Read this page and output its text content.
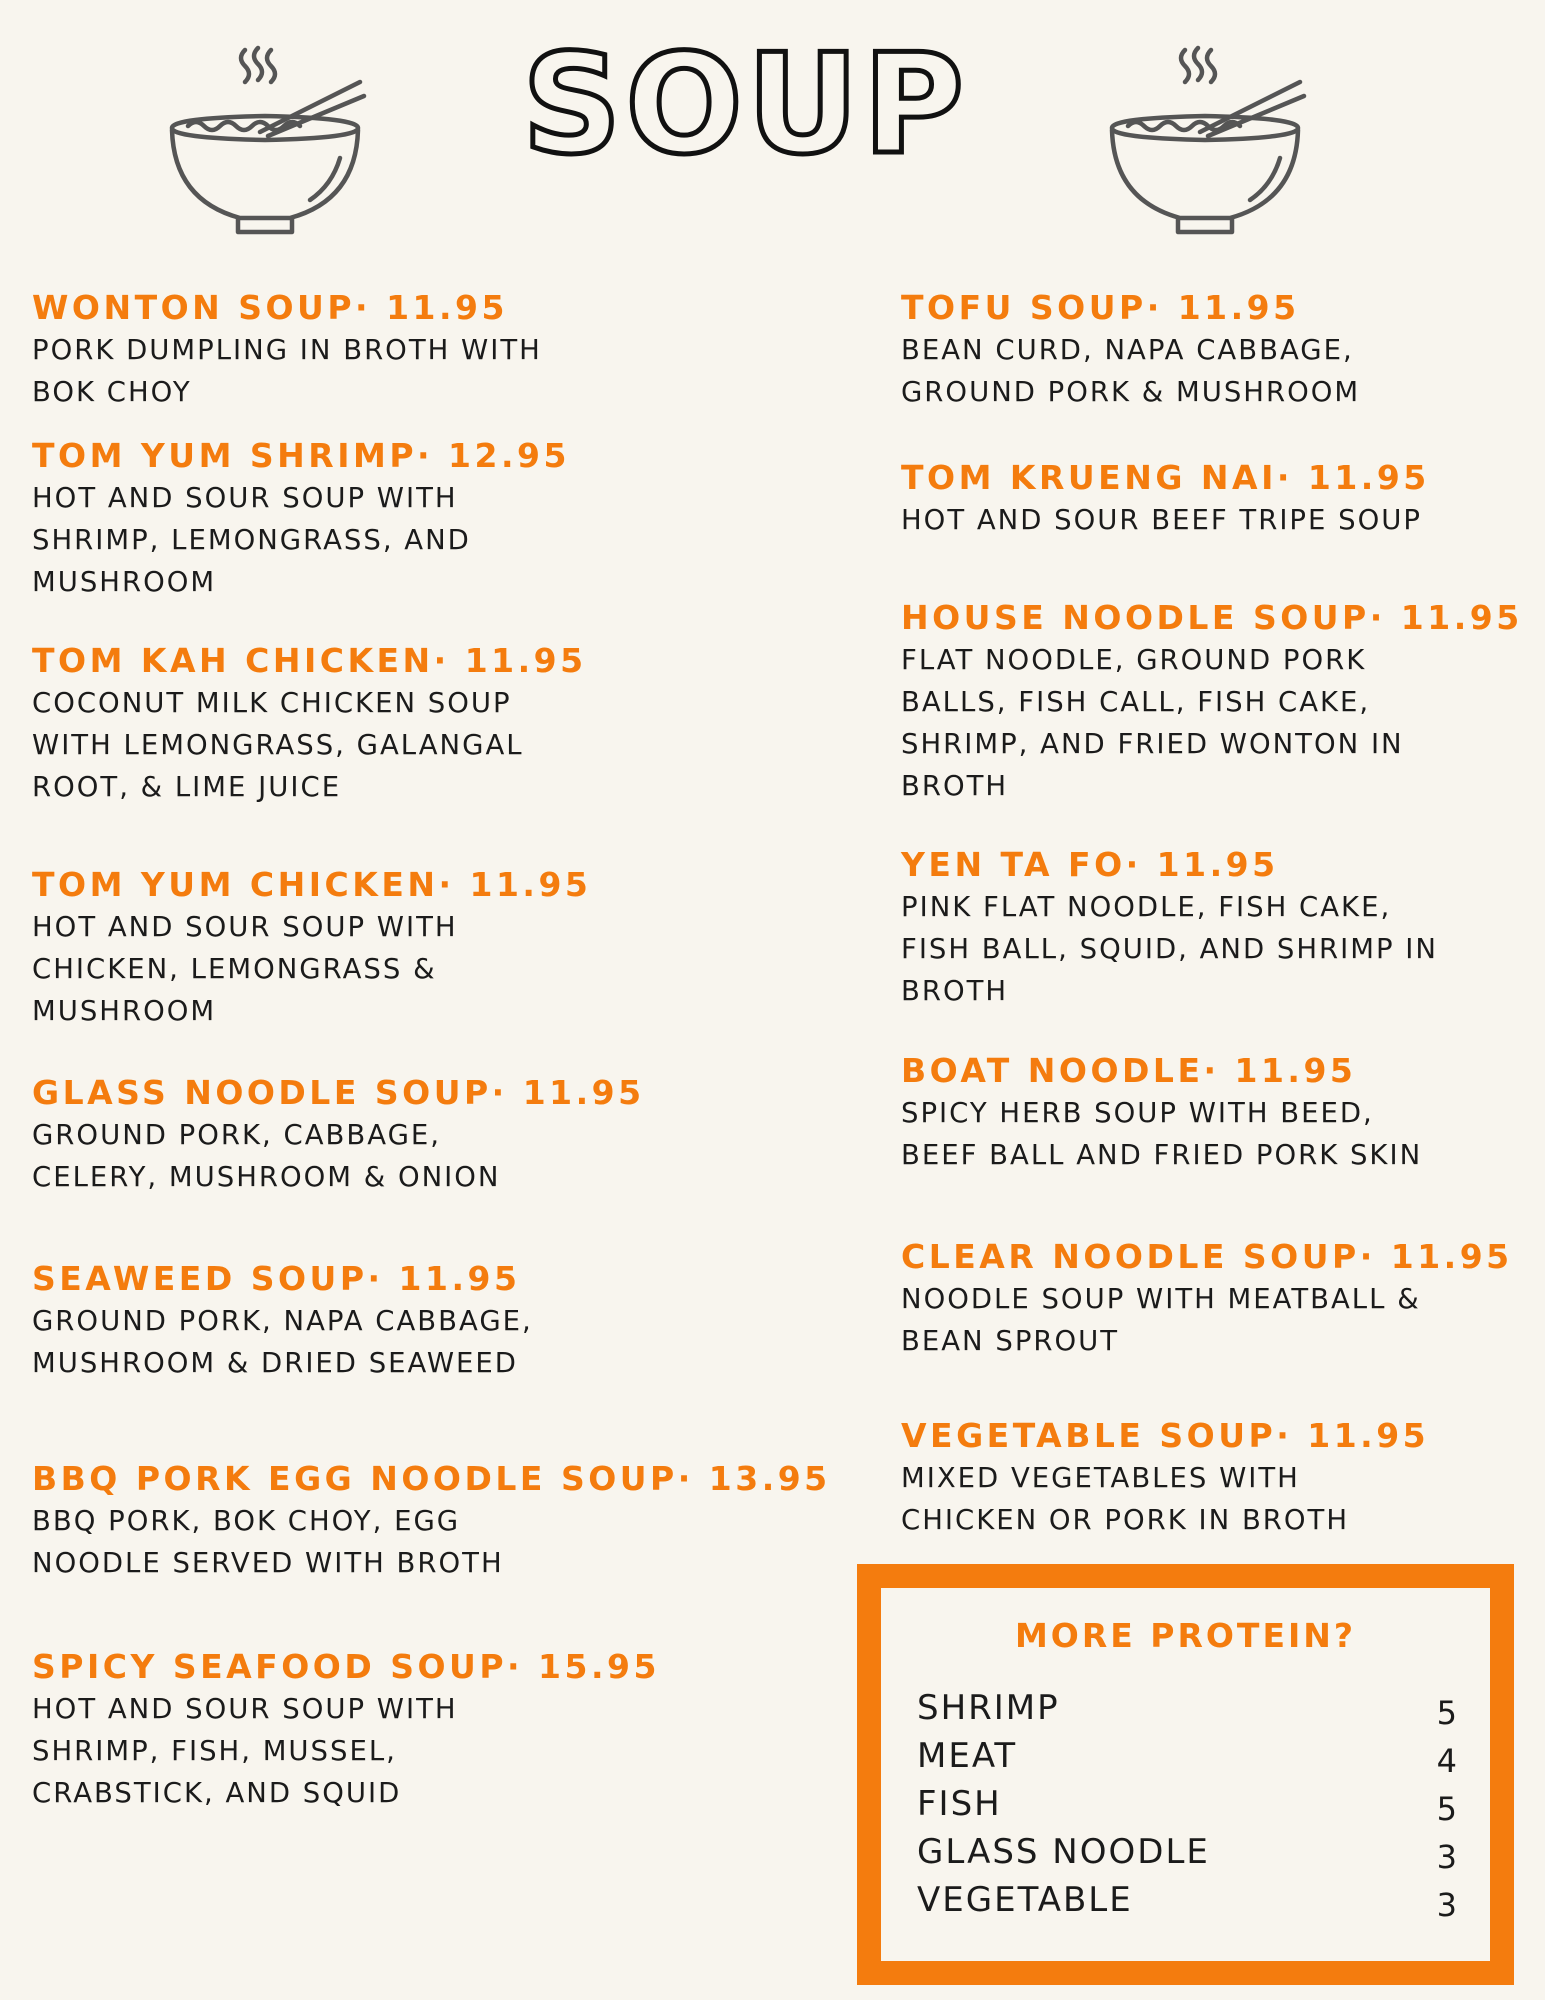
SOUP
WONTON SOUP· 11.95
PORK DUMPLING IN BROTH WITH
BOK CHOY
TOM YUM SHRIMP· 12.95
HOT AND SOUR SOUP WITH
SHRIMP, LEMONGRASS, AND
MUSHROOM
TOM KAH CHICKEN· 11.95
COCONUT MILK CHICKEN SOUP
WITH LEMONGRASS, GALANGAL
ROOT, & LIME JUICE
TOM YUM CHICKEN· 11.95
HOT AND SOUR SOUP WITH
CHICKEN, LEMONGRASS &
MUSHROOM
GLASS NOODLE SOUP· 11.95
GROUND PORK, CABBAGE,
CELERY, MUSHROOM & ONION
SEAWEED SOUP· 11.95
GROUND PORK, NAPA CABBAGE,
MUSHROOM & DRIED SEAWEED
BBQ PORK EGG NOODLE SOUP· 13.95
BBQ PORK, BOK CHOY, EGG
NOODLE SERVED WITH BROTH
SPICY SEAFOOD SOUP· 15.95
HOT AND SOUR SOUP WITH
SHRIMP, FISH, MUSSEL,
CRABSTICK, AND SQUID
TOFU SOUP· 11.95
BEAN CURD, NAPA CABBAGE,
GROUND PORK & MUSHROOM
TOM KRUENG NAI· 11.95
HOT AND SOUR BEEF TRIPE SOUP
HOUSE NOODLE SOUP· 11.95
FLAT NOODLE, GROUND PORK
BALLS, FISH CALL, FISH CAKE,
SHRIMP, AND FRIED WONTON IN
BROTH
YEN TA FO· 11.95
PINK FLAT NOODLE, FISH CAKE,
FISH BALL, SQUID, AND SHRIMP IN
BROTH
BOAT NOODLE· 11.95
SPICY HERB SOUP WITH BEED,
BEEF BALL AND FRIED PORK SKIN
CLEAR NOODLE SOUP· 11.95
NOODLE SOUP WITH MEATBALL &
BEAN SPROUT
VEGETABLE SOUP· 11.95
MIXED VEGETABLES WITH
CHICKEN OR PORK IN BROTH
MORE PROTEIN?
SHRIMP	5
MEAT	4
FISH	5
GLASS NOODLE	3
VEGETABLE	3
